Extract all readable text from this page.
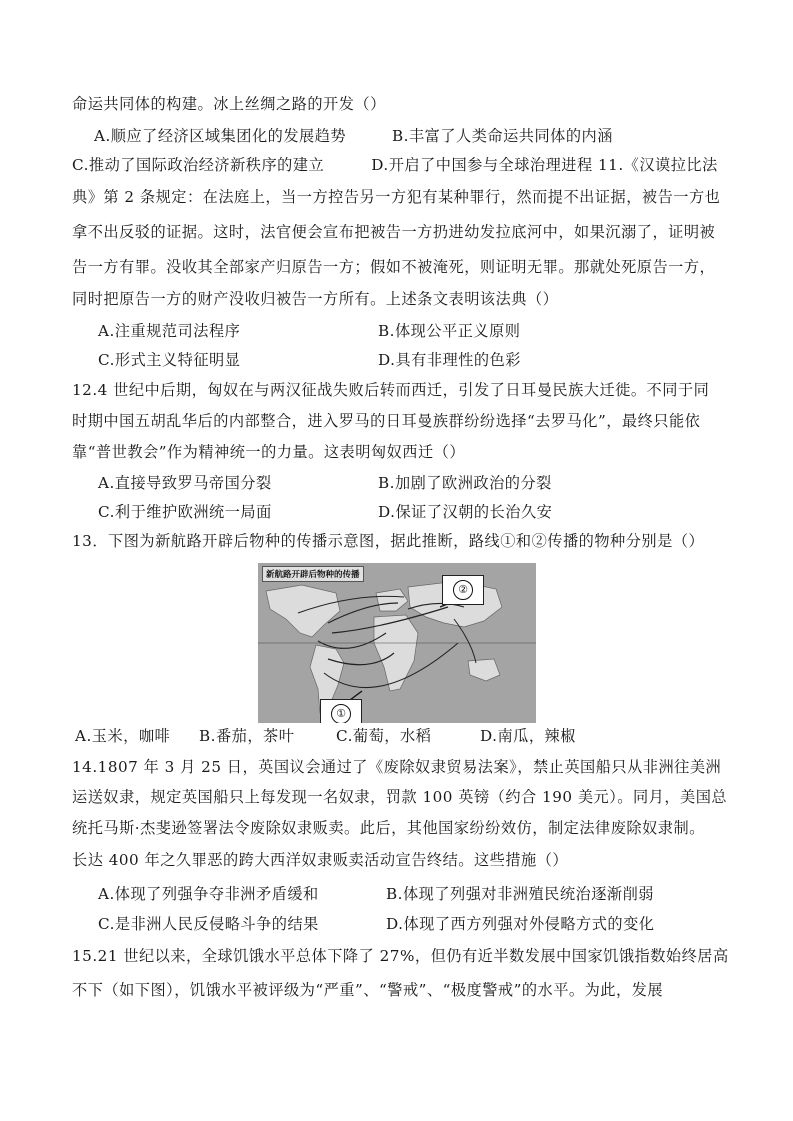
命运共同体的构建。冰上丝绸之路的开发（）
A.顺应了经济区域集团化的发展趋势	B.丰富了人类命运共同体的内涵
C.推动了国际政治经济新秩序的建立　　　D.开启了中国参与全球治理进程 11.《汉谟拉比法
典》第 2 条规定：在法庭上，当一方控告另一方犯有某种罪行，然而提不出证据，被告一方也
拿不出反驳的证据。这时，法官便会宣布把被告一方扔进幼发拉底河中，如果沉溺了，证明被
告一方有罪。没收其全部家产归原告一方；假如不被淹死，则证明无罪。那就处死原告一方，
同时把原告一方的财产没收归被告一方所有。上述条文表明该法典（）
A.注重规范司法程序	B.体现公平正义原则
C.形式主义特征明显	D.具有非理性的色彩
12.4 世纪中后期，匈奴在与两汉征战失败后转而西迁，引发了日耳曼民族大迁徙。不同于同
时期中国五胡乱华后的内部整合，进入罗马的日耳曼族群纷纷选择“去罗马化”，最终只能依
靠“普世教会”作为精神统一的力量。这表明匈奴西迁（）
A.直接导致罗马帝国分裂	B.加剧了欧洲政治的分裂
C.利于维护欧洲统一局面	D.保证了汉朝的长治久安
13．下图为新航路开辟后物种的传播示意图，据此推断，路线①和②传播的物种分别是（）
新航路开辟后物种的传播
②
①
A.玉米，咖啡 B.番茄，茶叶	C.葡萄，水稻	D.南瓜，辣椒
14.1807 年 3 月 25 日，英国议会通过了《废除奴隶贸易法案》，禁止英国船只从非洲往美洲
运送奴隶，规定英国船只上每发现一名奴隶，罚款 100 英镑（约合 190 美元）。同月，美国总
统托马斯·杰斐逊签署法令废除奴隶贩卖。此后，其他国家纷纷效仿，制定法律废除奴隶制。
长达 400 年之久罪恶的跨大西洋奴隶贩卖活动宣告终结。这些措施（）
A.体现了列强争夺非洲矛盾缓和	B.体现了列强对非洲殖民统治逐渐削弱
C.是非洲人民反侵略斗争的结果	D.体现了西方列强对外侵略方式的变化
15.21 世纪以来，全球饥饿水平总体下降了 27%，但仍有近半数发展中国家饥饿指数始终居高
不下（如下图），饥饿水平被评级为“严重”、“警戒”、“极度警戒”的水平。为此，发展
